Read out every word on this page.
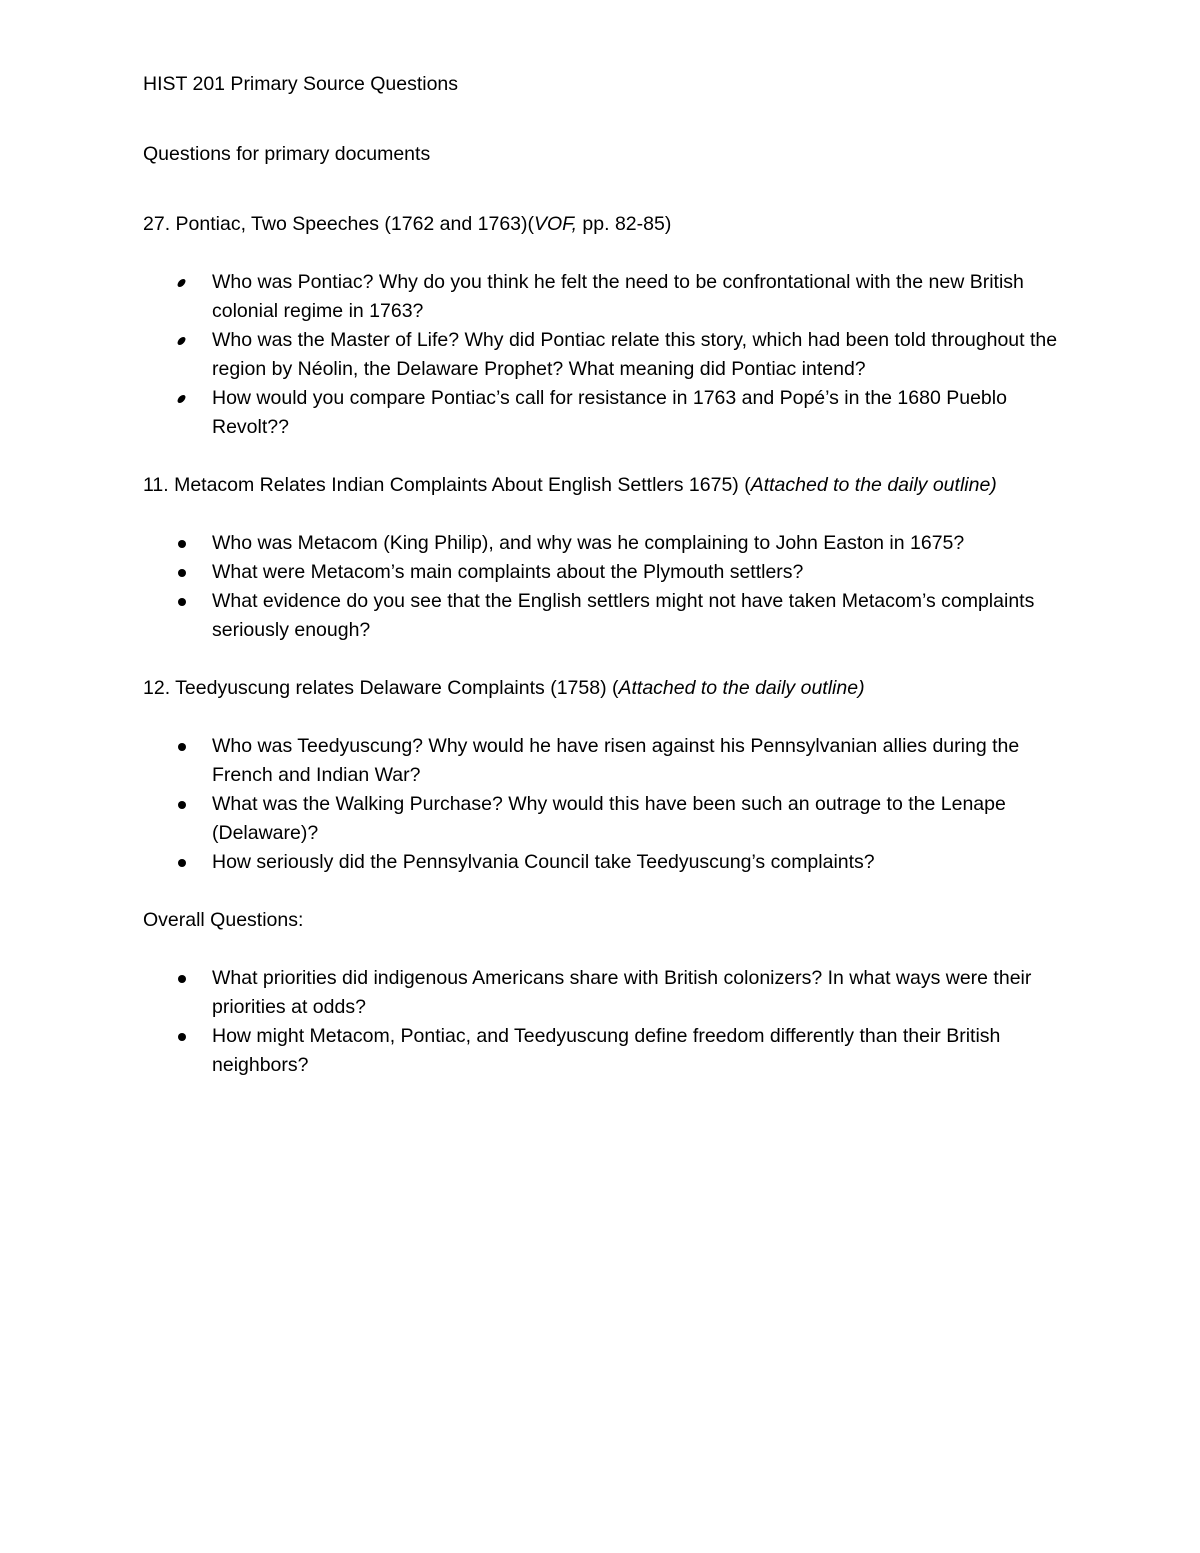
HIST 201 Primary Source Questions

Questions for primary documents

27. Pontiac, Two Speeches (1762 and 1763)(VOF, pp. 82-85)

Who was Pontiac? Why do you think he felt the need to be confrontational with the new British colonial regime in 1763?
Who was the Master of Life? Why did Pontiac relate this story, which had been told throughout the region by Néolin, the Delaware Prophet? What meaning did Pontiac intend?
How would you compare Pontiac’s call for resistance in 1763 and Popé’s in the 1680 Pueblo Revolt??

11. Metacom Relates Indian Complaints About English Settlers 1675) (Attached to the daily outline)

Who was Metacom (King Philip), and why was he complaining to John Easton in 1675?
What were Metacom’s main complaints about the Plymouth settlers?
What evidence do you see that the English settlers might not have taken Metacom’s complaints seriously enough?

12. Teedyuscung relates Delaware Complaints (1758) (Attached to the daily outline)

Who was Teedyuscung? Why would he have risen against his Pennsylvanian allies during the French and Indian War?
What was the Walking Purchase? Why would this have been such an outrage to the Lenape (Delaware)?
How seriously did the Pennsylvania Council take Teedyuscung’s complaints?

Overall Questions:

What priorities did indigenous Americans share with British colonizers? In what ways were their priorities at odds?
How might Metacom, Pontiac, and Teedyuscung define freedom differently than their British neighbors?
